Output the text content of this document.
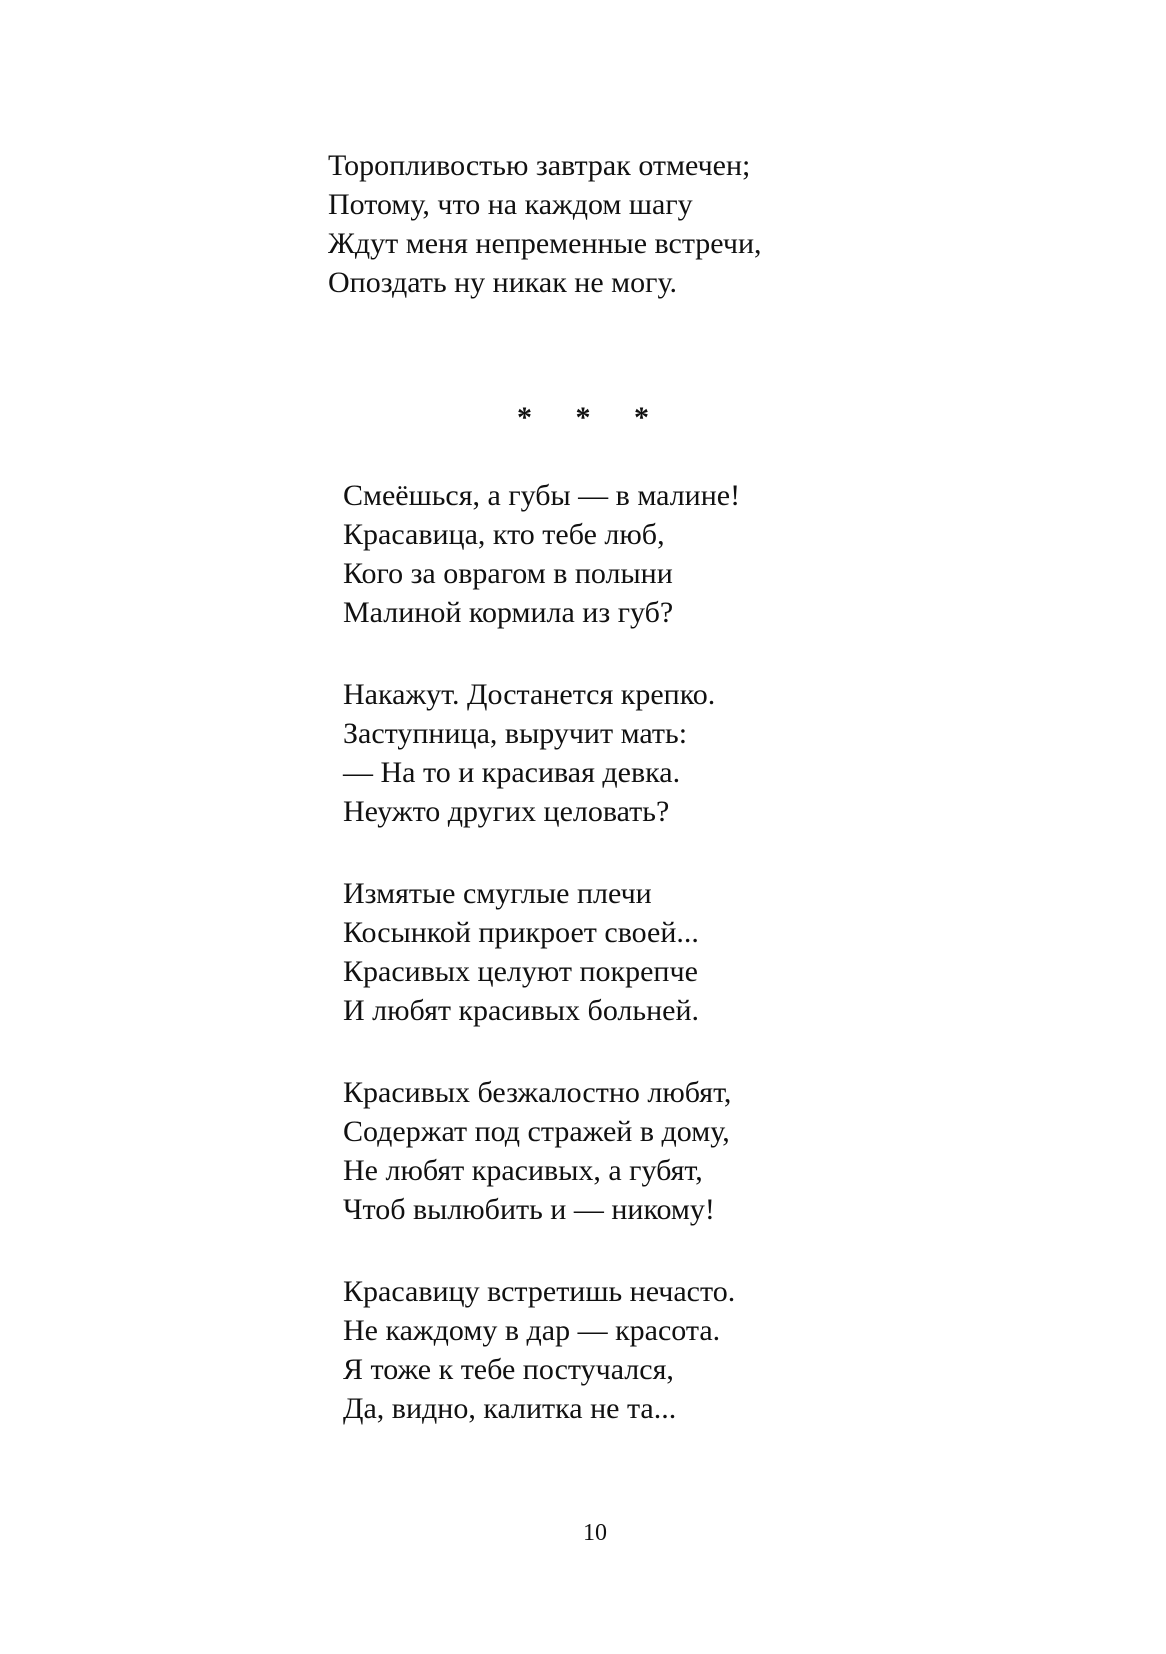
Торопливостью завтрак отмечен;
Потому, что на каждом шагу
Ждут меня непременные встречи,
Опоздать ну никак не могу.
* * *
Смеёшься, а губы — в малине!
Красавица, кто тебе люб,
Кого за оврагом в полыни
Малиной кормила из губ?
Накажут. Достанется крепко.
Заступница, выручит мать:
— На то и красивая девка.
Неужто других целовать?
Измятые смуглые плечи
Косынкой прикроет своей...
Красивых целуют покрепче
И любят красивых больней.
Красивых безжалостно любят,
Содержат под стражей в дому,
Не любят красивых, а губят,
Чтоб вылюбить и — никому!
Красавицу встретишь нечасто.
Не каждому в дар — красота.
Я тоже к тебе постучался,
Да, видно, калитка не та...
10
